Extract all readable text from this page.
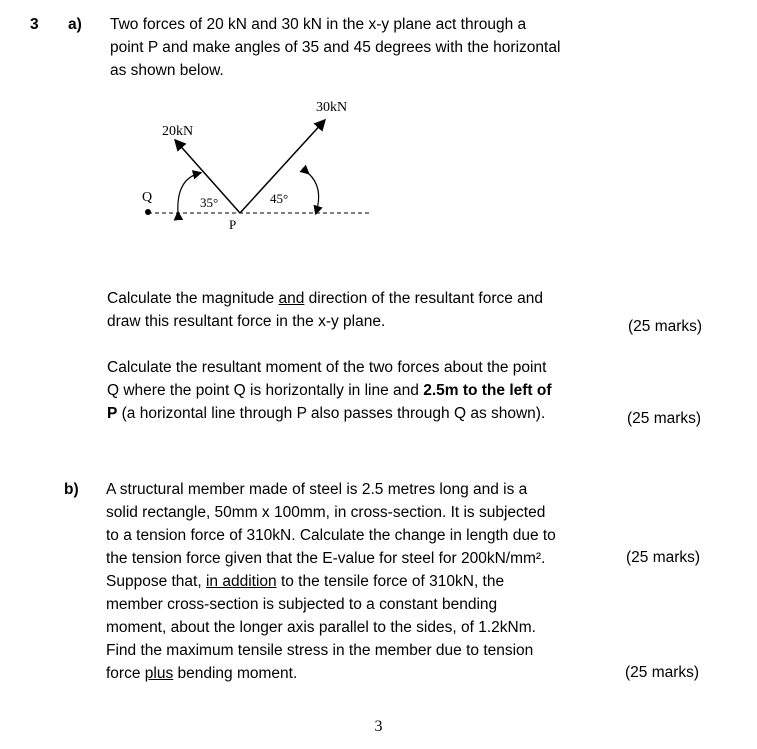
3 a) Two forces of 20 kN and 30 kN in the x-y plane act through a
point P and make angles of 35 and 45 degrees with the horizontal
as shown below.
20kN
30kN
35°	45°
Q
P
Calculate the magnitude and direction of the resultant force and
draw this resultant force in the x-y plane.	(25 marks)
Calculate the resultant moment of the two forces about the point
Q where the point Q is horizontally in line and 2.5m to the left of
P (a horizontal line through P also passes through Q as shown).	(25 marks)
b) A structural member made of steel is 2.5 metres long and is a
solid rectangle, 50mm x 100mm, in cross-section. It is subjected
to a tension force of 310kN. Calculate the change in length due to
the tension force given that the E-value for steel for 200kN/mm².	(25 marks)
Suppose that, in addition to the tensile force of 310kN, the
member cross-section is subjected to a constant bending
moment, about the longer axis parallel to the sides, of 1.2kNm.
Find the maximum tensile stress in the member due to tension
force plus bending moment.	(25 marks)
3
